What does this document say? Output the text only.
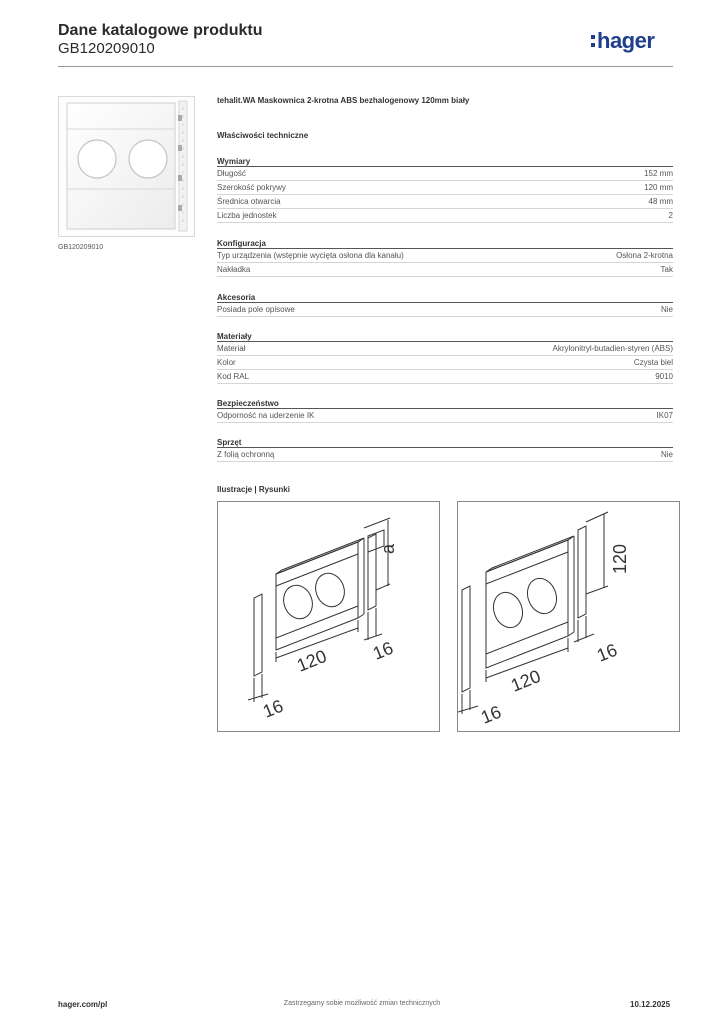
Dane katalogowe produktu
GB120209010	hager
GB120209010
tehalit.WA Maskownica 2-krotna ABS bezhalogenowy 120mm biały
Właściwości techniczne
Wymiary
Długość	152 mm
Szerokość pokrywy	120 mm
Średnica otwarcia	48 mm
Liczba jednostek	2
Konfiguracja
Typ urządzenia (wstępnie wycięta osłona dla kanału)	Osłona 2-krotna
Nakładka	Tak
Akcesoria
Posiada pole opisowe	Nie
Materiały
Materiał	Akrylonitryl-butadien-styren (ABS)
Kolor	Czysta biel
Kod RAL	9010
Bezpieczeństwo
Odporność na uderzenie IK	IK07
Sprzęt
Z folią ochronną	Nie
Ilustracje | Rysunki
a
120
16
16
120
120
16
16
hager.com/pl	Zastrzegamy sobie możliwość zmian technicznych	10.12.2025
